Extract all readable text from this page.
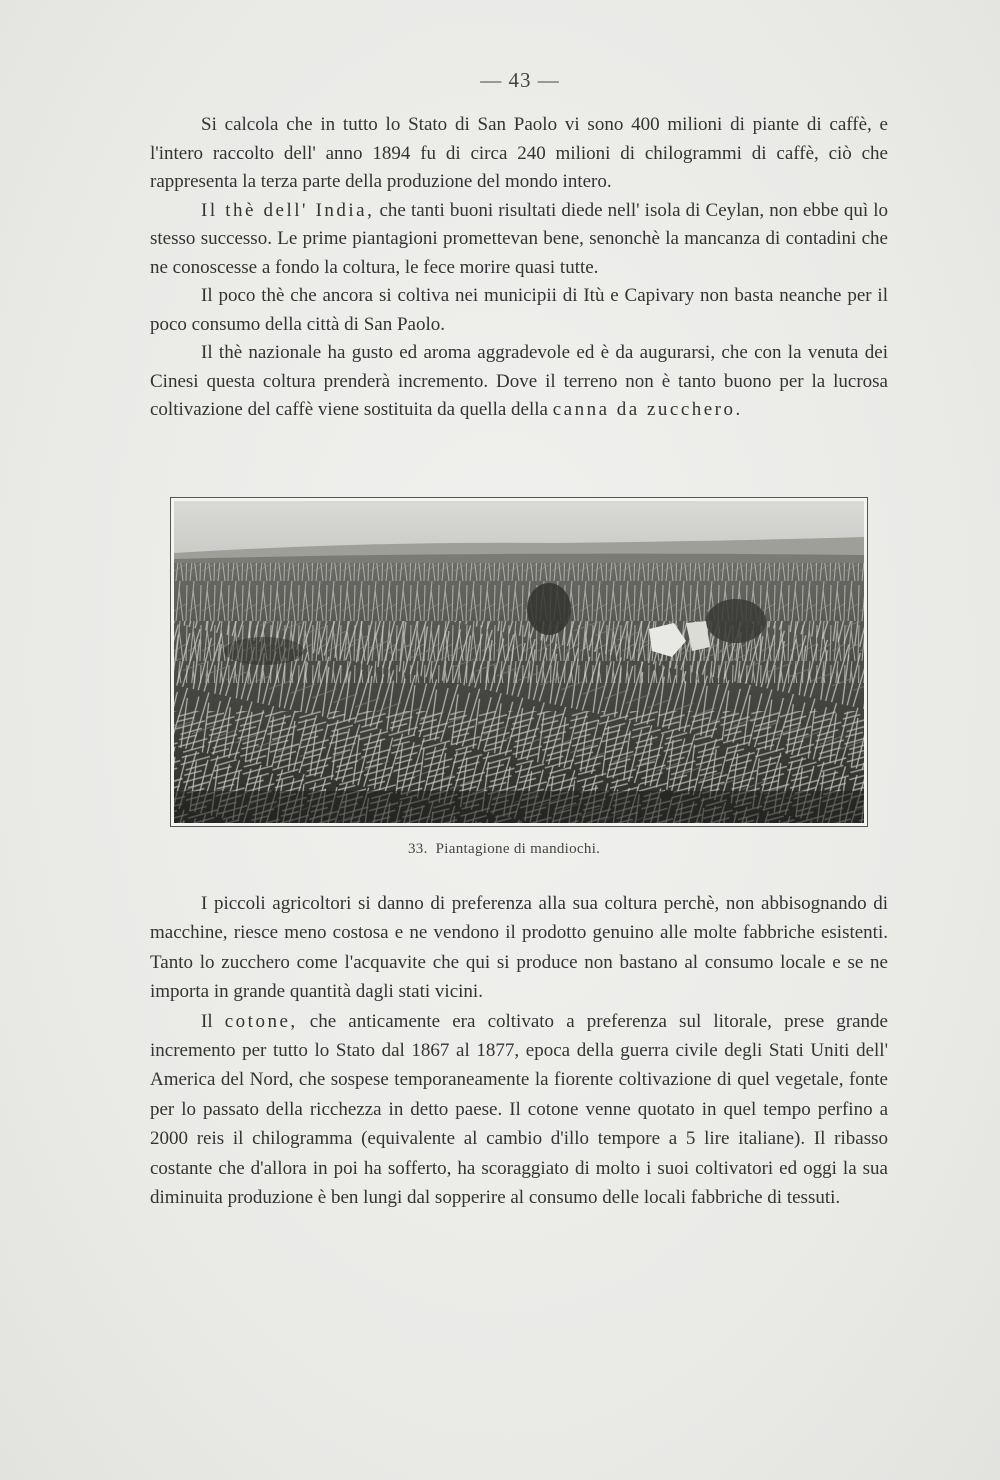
— 43 —

Si calcola che in tutto lo Stato di San Paolo vi sono 400 milioni di piante di caffè, e l'intero raccolto dell' anno 1894 fu di circa 240 milioni di chilogrammi di caffè, ciò che rappresenta la terza parte della produzione del mondo intero.

Il thè dell' India, che tanti buoni risultati diede nell' isola di Ceylan, non ebbe quì lo stesso successo. Le prime piantagioni promettevan bene, senonchè la mancanza di contadini che ne conoscesse a fondo la coltura, le fece morire quasi tutte.

Il poco thè che ancora si coltiva nei municipii di Itù e Capivary non basta neanche per il poco consumo della città di San Paolo.

Il thè nazionale ha gusto ed aroma aggradevole ed è da augurarsi, che con la venuta dei Cinesi questa coltura prenderà incremento. Dove il terreno non è tanto buono per la lucrosa coltivazione del caffè viene sostituita da quella della canna da zucchero.

33. Piantagione di mandiochi.

I piccoli agricoltori si danno di preferenza alla sua coltura perchè, non abbisognando di macchine, riesce meno costosa e ne vendono il prodotto genuino alle molte fabbriche esistenti. Tanto lo zucchero come l'acquavite che qui si produce non bastano al consumo locale e se ne importa in grande quantità dagli stati vicini.

Il cotone, che anticamente era coltivato a preferenza sul litorale, prese grande incremento per tutto lo Stato dal 1867 al 1877, epoca della guerra civile degli Stati Uniti dell' America del Nord, che sospese temporaneamente la fiorente coltivazione di quel vegetale, fonte per lo passato della ricchezza in detto paese. Il cotone venne quotato in quel tempo perfino a 2000 reis il chilogramma (equivalente al cambio d'illo tempore a 5 lire italiane). Il ribasso costante che d'allora in poi ha sofferto, ha scoraggiato di molto i suoi coltivatori ed oggi la sua diminuita produzione è ben lungi dal sopperire al consumo delle locali fabbriche di tessuti.
